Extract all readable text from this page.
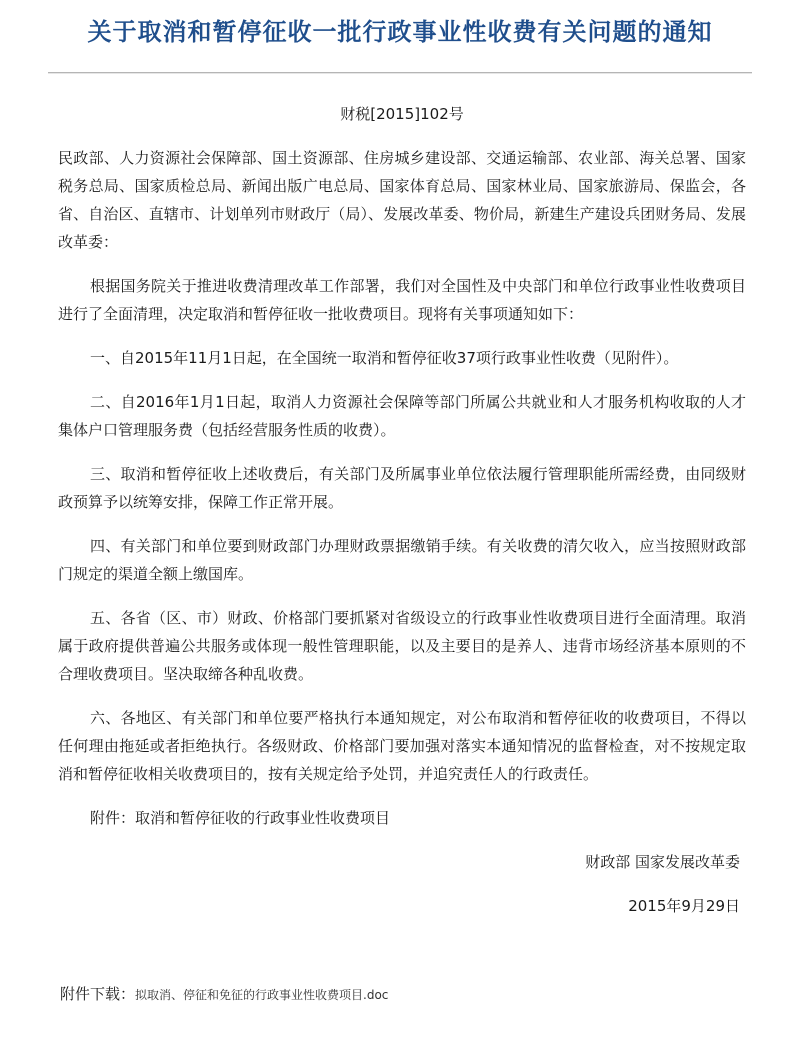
关于取消和暂停征收一批行政事业性收费有关问题的通知
财税[2015]102号
民政部、人力资源社会保障部、国土资源部、住房城乡建设部、交通运输部、农业部、海关总署、国家税务总局、国家质检总局、新闻出版广电总局、国家体育总局、国家林业局、国家旅游局、保监会，各省、自治区、直辖市、计划单列市财政厅（局）、发展改革委、物价局，新建生产建设兵团财务局、发展改革委：
根据国务院关于推进收费清理改革工作部署，我们对全国性及中央部门和单位行政事业性收费项目进行了全面清理，决定取消和暂停征收一批收费项目。现将有关事项通知如下：
一、自2015年11月1日起，在全国统一取消和暂停征收37项行政事业性收费（见附件）。
二、自2016年1月1日起，取消人力资源社会保障等部门所属公共就业和人才服务机构收取的人才集体户口管理服务费（包括经营服务性质的收费）。
三、取消和暂停征收上述收费后，有关部门及所属事业单位依法履行管理职能所需经费，由同级财政预算予以统筹安排，保障工作正常开展。
四、有关部门和单位要到财政部门办理财政票据缴销手续。有关收费的清欠收入，应当按照财政部门规定的渠道全额上缴国库。
五、各省（区、市）财政、价格部门要抓紧对省级设立的行政事业性收费项目进行全面清理。取消属于政府提供普遍公共服务或体现一般性管理职能，以及主要目的是养人、违背市场经济基本原则的不合理收费项目。坚决取缔各种乱收费。
六、各地区、有关部门和单位要严格执行本通知规定，对公布取消和暂停征收的收费项目，不得以任何理由拖延或者拒绝执行。各级财政、价格部门要加强对落实本通知情况的监督检查，对不按规定取消和暂停征收相关收费项目的，按有关规定给予处罚，并追究责任人的行政责任。
附件：取消和暂停征收的行政事业性收费项目
财政部 国家发展改革委
2015年9月29日
附件下载：拟取消、停征和免征的行政事业性收费项目.doc
